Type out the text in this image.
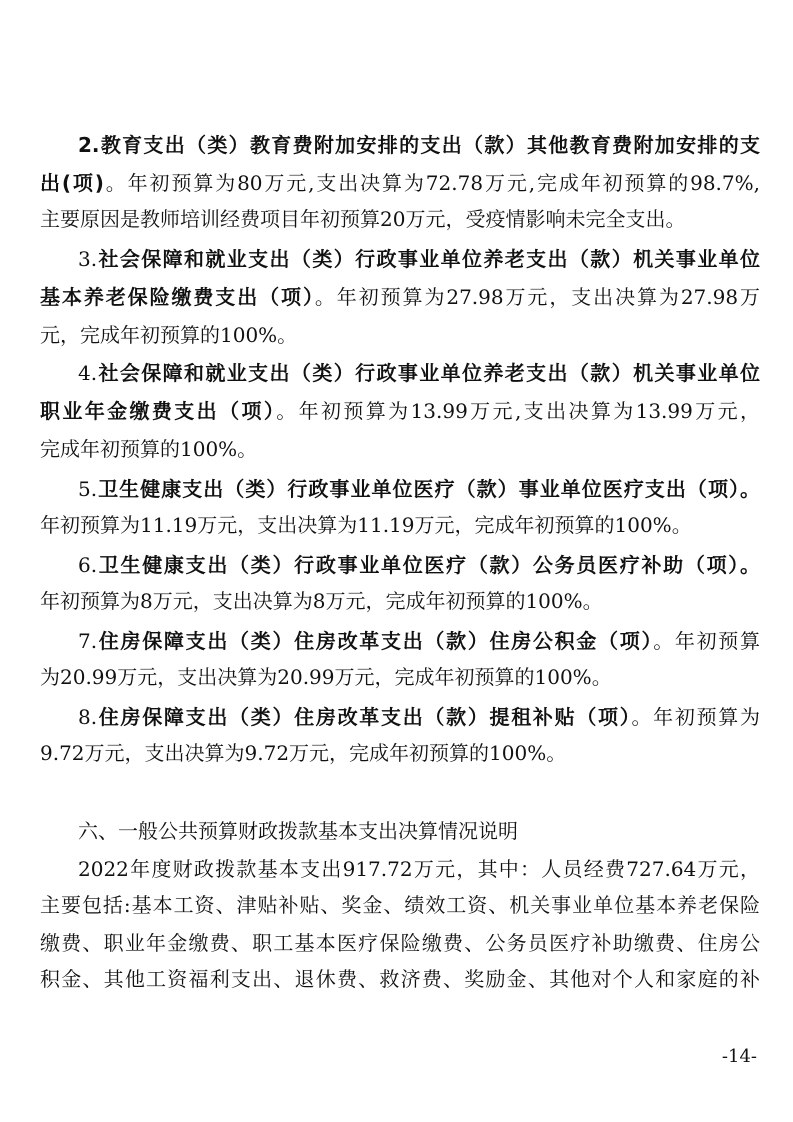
2.教育支出（类）教育费附加安排的支出（款）其他教育费附加安排的支
出(项)。年初预算为80万元,支出决算为72.78万元,完成年初预算的98.7%,
主要原因是教师培训经费项目年初预算20万元，受疫情影响未完全支出。
3.社会保障和就业支出（类）行政事业单位养老支出（款）机关事业单位
基本养老保险缴费支出（项）。年初预算为27.98万元，支出决算为27.98万
元，完成年初预算的100%。
4.社会保障和就业支出（类）行政事业单位养老支出（款）机关事业单位
职业年金缴费支出（项）。年初预算为13.99万元,支出决算为13.99万元，
完成年初预算的100%。
5.卫生健康支出（类）行政事业单位医疗（款）事业单位医疗支出（项）。
年初预算为11.19万元，支出决算为11.19万元，完成年初预算的100%。
6.卫生健康支出（类）行政事业单位医疗（款）公务员医疗补助（项）。
年初预算为8万元，支出决算为8万元，完成年初预算的100%。
7.住房保障支出（类）住房改革支出（款）住房公积金（项）。年初预算
为20.99万元，支出决算为20.99万元，完成年初预算的100%。
8.住房保障支出（类）住房改革支出（款）提租补贴（项）。年初预算为
9.72万元，支出决算为9.72万元，完成年初预算的100%。
六、一般公共预算财政拨款基本支出决算情况说明
2022年度财政拨款基本支出917.72万元，其中：人员经费727.64万元，
主要包括:基本工资、津贴补贴、奖金、绩效工资、机关事业单位基本养老保险
缴费、职业年金缴费、职工基本医疗保险缴费、公务员医疗补助缴费、住房公
积金、其他工资福利支出、退休费、救济费、奖励金、其他对个人和家庭的补
-14-
